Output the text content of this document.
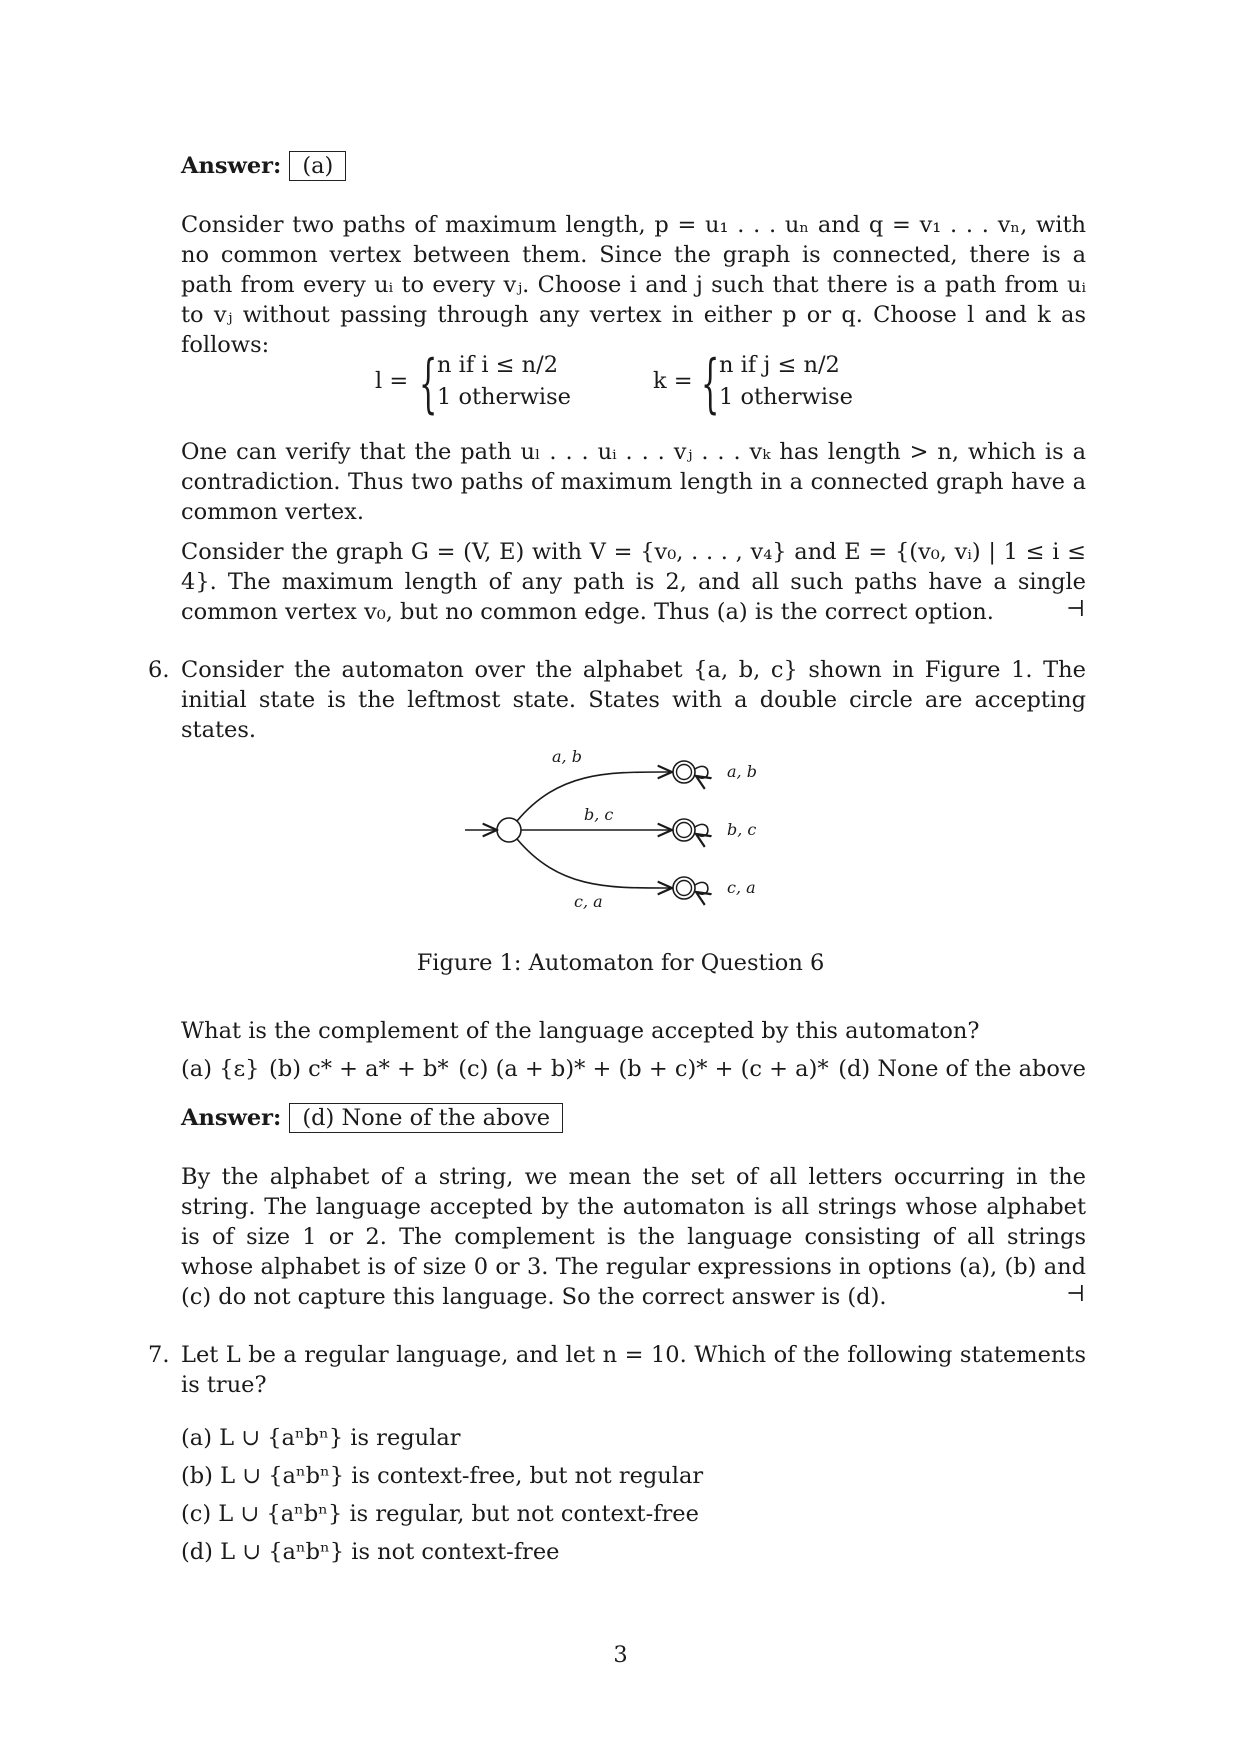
Answer: (a)
Consider two paths of maximum length, p = u₁ . . . uₙ and q = v₁ . . . vₙ, with no common vertex between them. Since the graph is connected, there is a path from every uᵢ to every vⱼ. Choose i and j such that there is a path from uᵢ to vⱼ without passing through any vertex in either p or q. Choose l and k as follows:
l = { n if i ≤ n/2
1 otherwise
k = { n if j ≤ n/2
1 otherwise
One can verify that the path uₗ . . . uᵢ . . . vⱼ . . . vₖ has length > n, which is a contradiction. Thus two paths of maximum length in a connected graph have a common vertex.
Consider the graph G = (V, E) with V = {v₀, . . . , v₄} and E = {(v₀, vᵢ) | 1 ≤ i ≤ 4}. The maximum length of any path is 2, and all such paths have a single common vertex v₀, but no common edge. Thus (a) is the correct option.	⊣
6. Consider the automaton over the alphabet {a, b, c} shown in Figure 1. The initial state is the leftmost state. States with a double circle are accepting states.
a, b
b, c
c, a
a, b
b, c
c, a
Figure 1: Automaton for Question 6
What is the complement of the language accepted by this automaton?
(a) {ε} (b) c* + a* + b* (c) (a + b)* + (b + c)* + (c + a)* (d) None of the above
Answer: (d) None of the above
By the alphabet of a string, we mean the set of all letters occurring in the string. The language accepted by the automaton is all strings whose alphabet is of size 1 or 2. The complement is the language consisting of all strings whose alphabet is of size 0 or 3. The regular expressions in options (a), (b) and (c) do not capture this language. So the correct answer is (d).	⊣
7. Let L be a regular language, and let n = 10. Which of the following statements is true?
(a) L ∪ {aⁿbⁿ} is regular
(b) L ∪ {aⁿbⁿ} is context-free, but not regular
(c) L ∪ {aⁿbⁿ} is regular, but not context-free
(d) L ∪ {aⁿbⁿ} is not context-free
3
